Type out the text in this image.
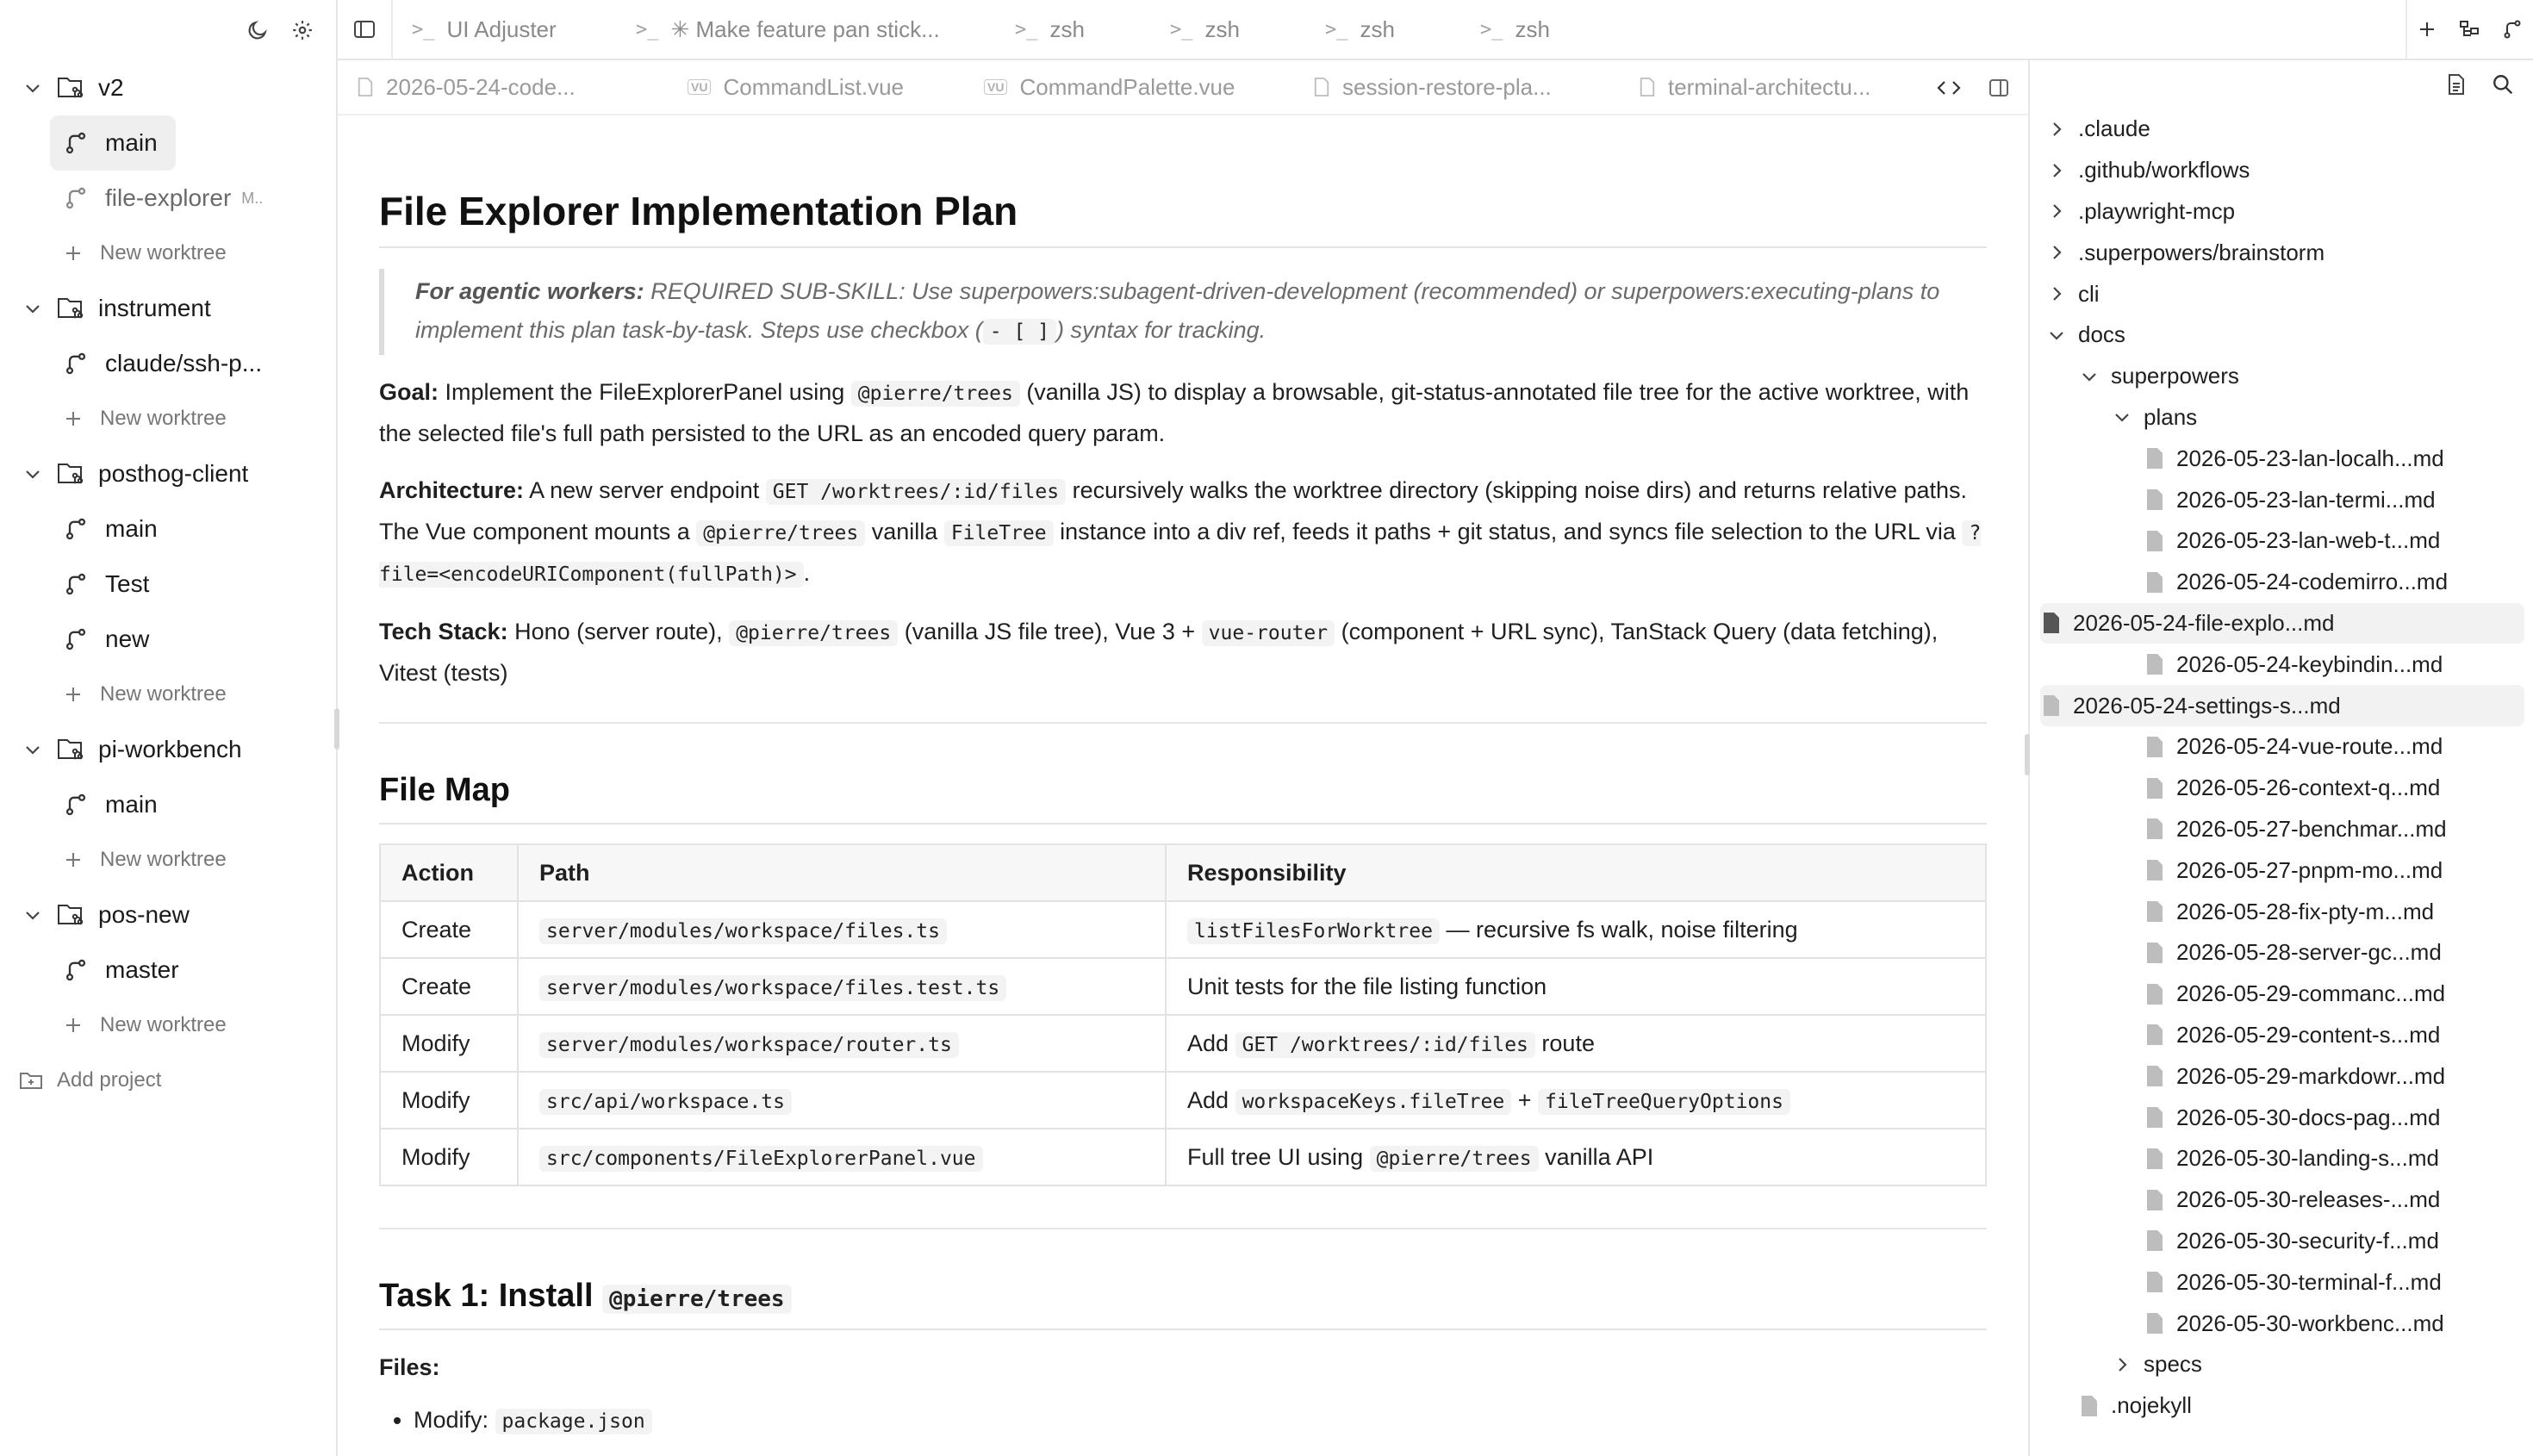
v2
main
file-explorer M..
New worktree
instrument
claude/ssh-p...
New worktree
posthog-client
main
Test
new
New worktree
pi-workbench
main
New worktree
pos-new
master
New worktree
Add project
>_ UI Adjuster	>_ ✳ Make feature pan stick...	>_ zsh	>_ zsh	>_ zsh	>_ zsh
2026-05-24-code...	VU CommandList.vue	VU CommandPalette.vue	session-restore-pla...	terminal-architectu...
File Explorer Implementation Plan
For agentic workers: REQUIRED SUB-SKILL: Use superpowers:subagent-driven-development (recommended) or superpowers:executing-plans to implement this plan task-by-task. Steps use checkbox ( - [ ] ) syntax for tracking.

Goal: Implement the FileExplorerPanel using @pierre/trees (vanilla JS) to display a browsable, git-status-annotated file tree for the active worktree, with the selected file's full path persisted to the URL as an encoded query param.

Architecture: A new server endpoint GET /worktrees/:id/files recursively walks the worktree directory (skipping noise dirs) and returns relative paths. The Vue component mounts a @pierre/trees vanilla FileTree instance into a div ref, feeds it paths + git status, and syncs file selection to the URL via ?file=<encodeURIComponent(fullPath)> .

Tech Stack: Hono (server route), @pierre/trees (vanilla JS file tree), Vue 3 + vue-router (component + URL sync), TanStack Query (data fetching), Vitest (tests)

File Map
Action	Path	Responsibility
Create	server/modules/workspace/files.ts	listFilesForWorktree — recursive fs walk, noise filtering
Create	server/modules/workspace/files.test.ts	Unit tests for the file listing function
Modify	server/modules/workspace/router.ts	Add GET /worktrees/:id/files route
Modify	src/api/workspace.ts	Add workspaceKeys.fileTree + fileTreeQueryOptions
Modify	src/components/FileExplorerPanel.vue	Full tree UI using @pierre/trees vanilla API
Task 1: Install @pierre/trees
Files:
• Modify: package.json
.claude
.github/workflows
.playwright-mcp
.superpowers/brainstorm
cli
docs
superpowers
plans
2026-05-23-lan-localh...md
2026-05-23-lan-termi...md
2026-05-23-lan-web-t...md
2026-05-24-codemirro...md
2026-05-24-file-explo...md
2026-05-24-keybindin...md
2026-05-24-settings-s...md
2026-05-24-vue-route...md
2026-05-26-context-q...md
2026-05-27-benchmar...md
2026-05-27-pnpm-mo...md
2026-05-28-fix-pty-m...md
2026-05-28-server-gc...md
2026-05-29-commanc...md
2026-05-29-content-s...md
2026-05-29-markdowr...md
2026-05-30-docs-pag...md
2026-05-30-landing-s...md
2026-05-30-releases-...md
2026-05-30-security-f...md
2026-05-30-terminal-f...md
2026-05-30-workbenc...md
specs
.nojekyll
